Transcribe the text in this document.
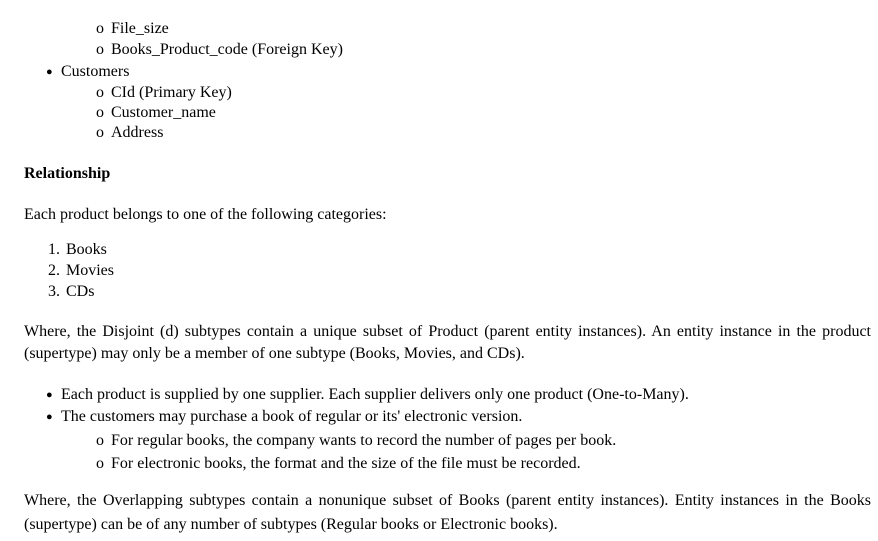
o File_size
o Books_Product_code (Foreign Key)
● Customers
o CId (Primary Key)
o Customer_name
o Address
Relationship
Each product belongs to one of the following categories:
1. Books
2. Movies
3. CDs
Where, the Disjoint (d) subtypes contain a unique subset of Product (parent entity instances). An entity instance in the product (supertype) may only be a member of one subtype (Books, Movies, and CDs).
● Each product is supplied by one supplier. Each supplier delivers only one product (One-to-Many).
● The customers may purchase a book of regular or its' electronic version.
o For regular books, the company wants to record the number of pages per book.
o For electronic books, the format and the size of the file must be recorded.
Where, the Overlapping subtypes contain a nonunique subset of Books (parent entity instances). Entity instances in the Books (supertype) can be of any number of subtypes (Regular books or Electronic books).
